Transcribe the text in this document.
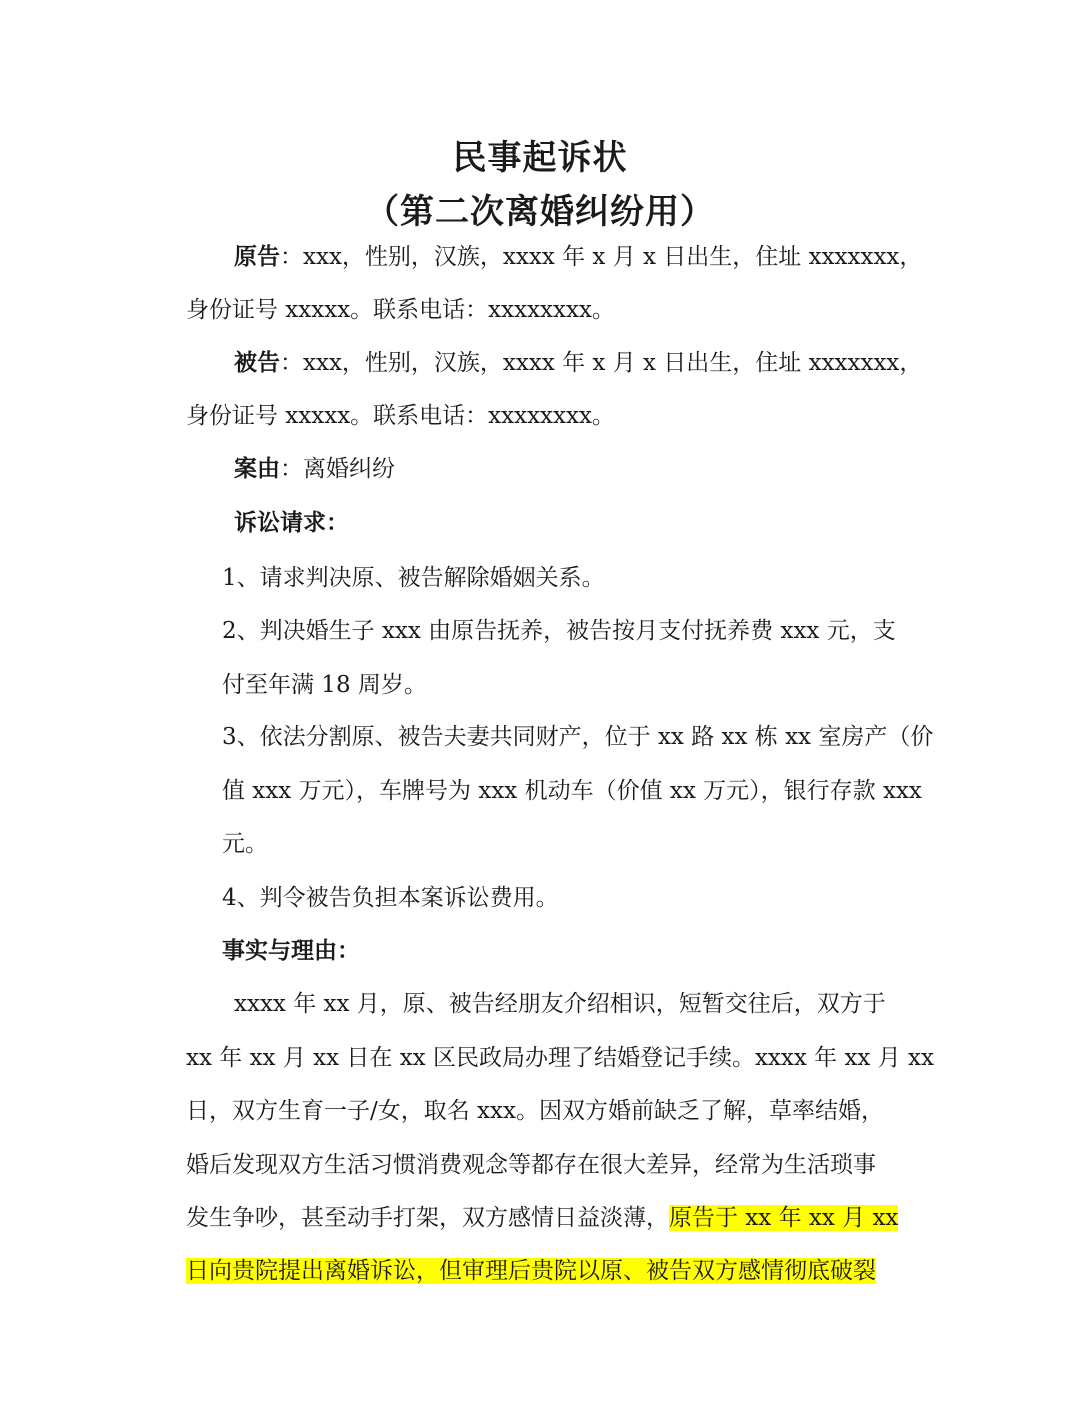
民事起诉状
（第二次离婚纠纷用）

原告：xxx，性别，汉族，xxxx 年 x 月 x 日出生，住址 xxxxxxx，

身份证号 xxxxx。联系电话：xxxxxxxx。

被告：xxx，性别，汉族，xxxx 年 x 月 x 日出生，住址 xxxxxxx，

身份证号 xxxxx。联系电话：xxxxxxxx。

案由：离婚纠纷

诉讼请求：

1、请求判决原、被告解除婚姻关系。

2、判决婚生子 xxx 由原告抚养，被告按月支付抚养费 xxx 元，支

付至年满 18 周岁。

3、依法分割原、被告夫妻共同财产，位于 xx 路 xx 栋 xx 室房产（价

值 xxx 万元），车牌号为 xxx 机动车（价值 xx 万元），银行存款 xxx

元。

4、判令被告负担本案诉讼费用。

事实与理由：

xxxx 年 xx 月，原、被告经朋友介绍相识，短暂交往后，双方于

xx 年 xx 月 xx 日在 xx 区民政局办理了结婚登记手续。xxxx 年 xx 月 xx

日，双方生育一子/女，取名 xxx。因双方婚前缺乏了解，草率结婚，

婚后发现双方生活习惯消费观念等都存在很大差异，经常为生活琐事

发生争吵，甚至动手打架，双方感情日益淡薄，原告于 xx 年 xx 月 xx

日向贵院提出离婚诉讼，但审理后贵院以原、被告双方感情彻底破裂
